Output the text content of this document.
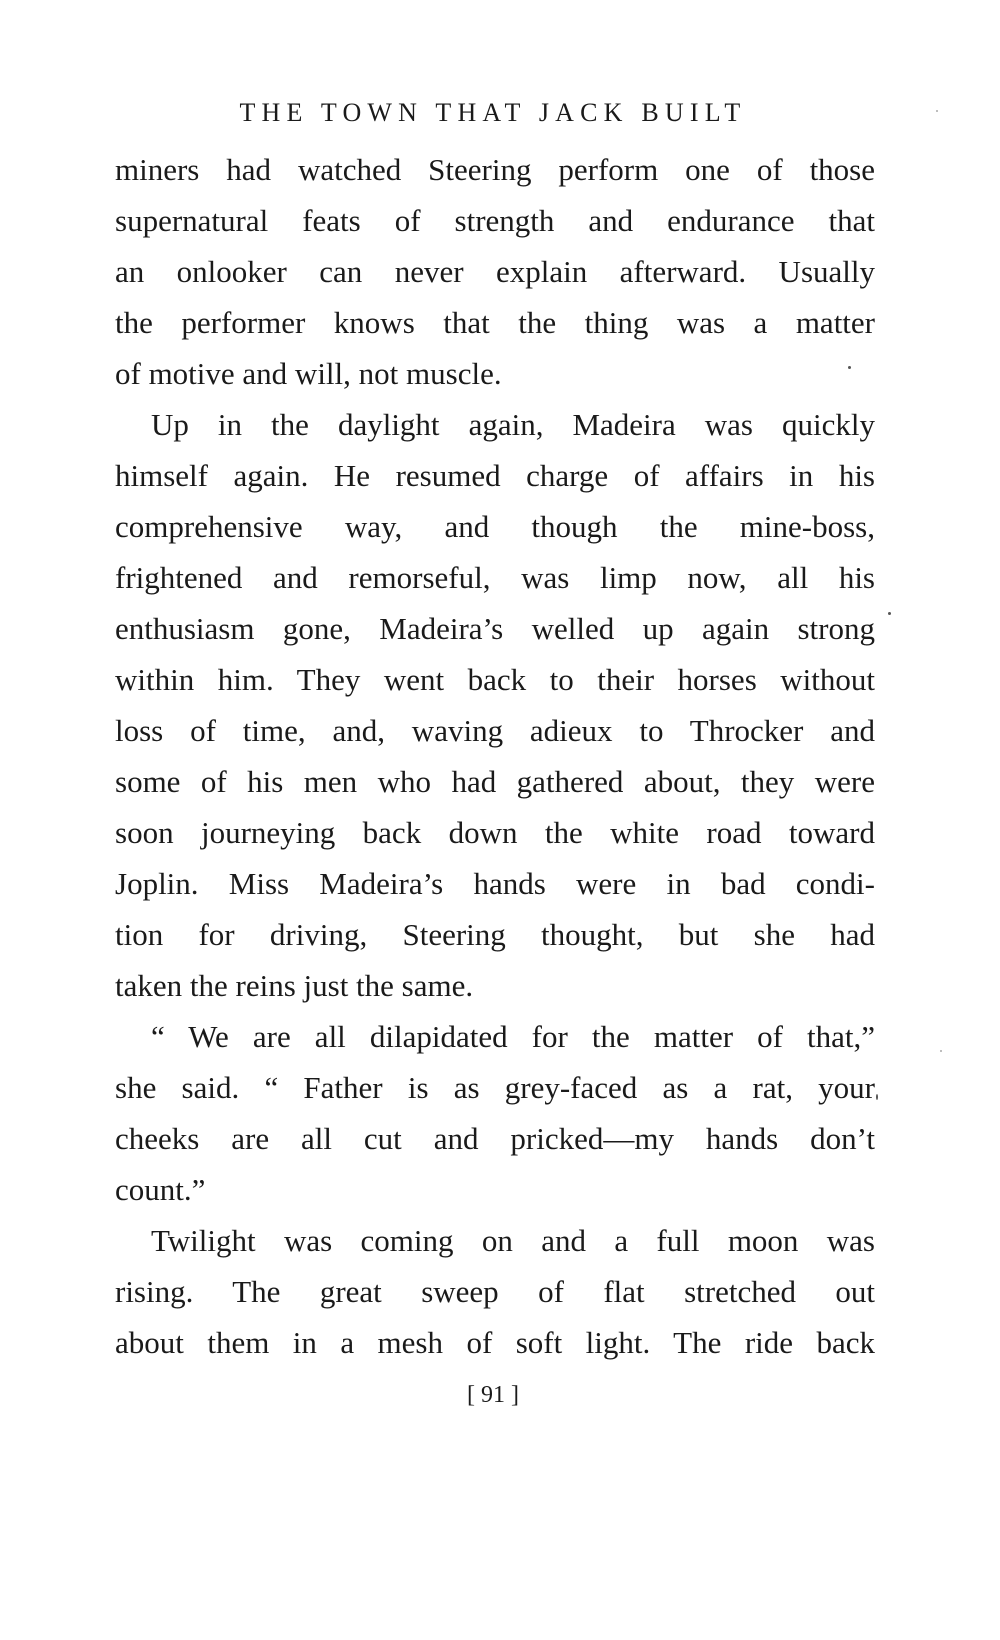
THE TOWN THAT JACK BUILT
miners had watched Steering perform one of those
supernatural feats of strength and endurance that
an onlooker can never explain afterward. Usually
the performer knows that the thing was a matter
of motive and will, not muscle.
Up in the daylight again, Madeira was quickly
himself again. He resumed charge of affairs in his
comprehensive way, and though the mine-boss,
frightened and remorseful, was limp now, all his
enthusiasm gone, Madeira’s welled up again strong
within him. They went back to their horses without
loss of time, and, waving adieux to Throcker and
some of his men who had gathered about, they were
soon journeying back down the white road toward
Joplin. Miss Madeira’s hands were in bad condi-
tion for driving, Steering thought, but she had
taken the reins just the same.
“ We are all dilapidated for the matter of that,”
she said. “ Father is as grey-faced as a rat, your
cheeks are all cut and pricked—my hands don’t
count.”
Twilight was coming on and a full moon was
rising. The great sweep of flat stretched out
about them in a mesh of soft light. The ride back
[ 91 ]
